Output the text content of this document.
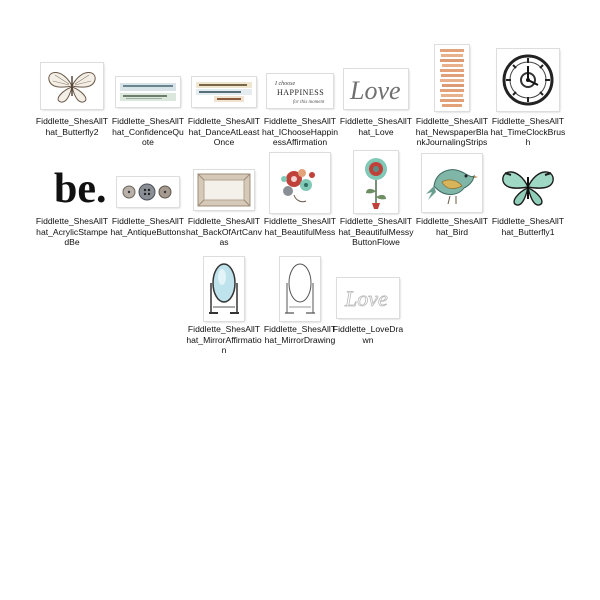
Fiddlette_ShesAllThat_Butterfly2
Fiddlette_ShesAllThat_ConfidenceQuote
Fiddlette_ShesAllThat_DanceAtLeastOnce
I choose
HAPPINESS
for this moment
Fiddlette_ShesAllThat_IChooseHappinessAffirmation
Love
Fiddlette_ShesAllThat_Love
Fiddlette_ShesAllThat_NewspaperBlankJournalingStrips
Fiddlette_ShesAllThat_TimeClockBrush
be.
Fiddlette_ShesAllThat_AcrylicStampedBe
Fiddlette_ShesAllThat_AntiqueButtons
Fiddlette_ShesAllThat_BackOfArtCanvas
Fiddlette_ShesAllThat_BeautifulMess
Fiddlette_ShesAllThat_BeautifulMessyButtonFlowe
Fiddlette_ShesAllThat_Bird
Fiddlette_ShesAllThat_Butterfly1
Fiddlette_ShesAllThat_MirrorAffirmation
Fiddlette_ShesAllThat_MirrorDrawing
Love
Fiddlette_LoveDrawn
